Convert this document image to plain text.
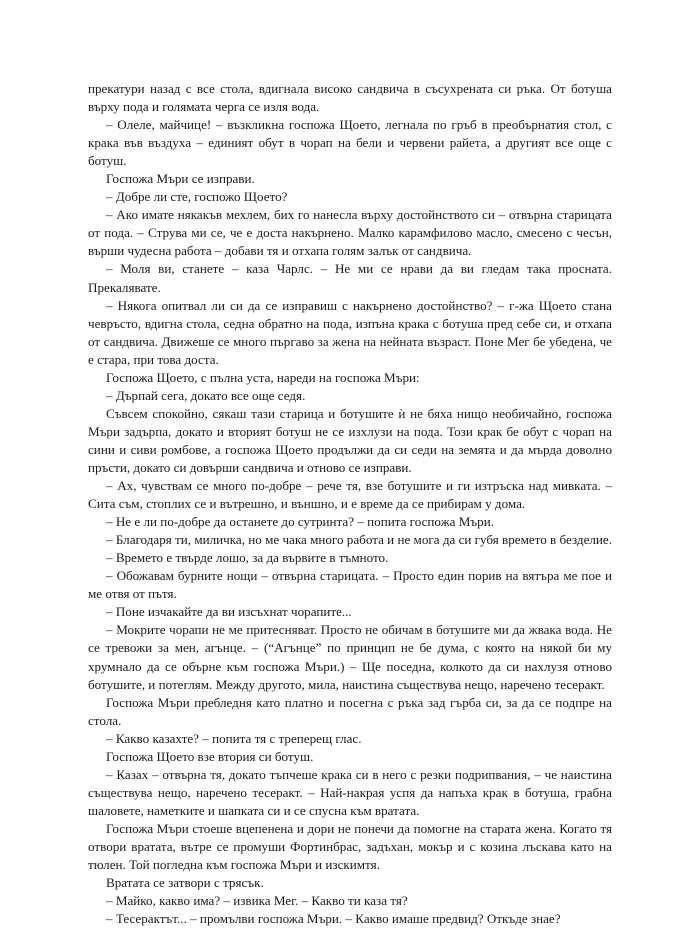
прекатури назад с все стола, вдигнала високо сандвича в съсухрената си ръка. От ботуша върху пода и голямата черга се изля вода.

– Олеле, майчице! – възкликна госпожа Щоето, легнала по гръб в преобърнатия стол, с крака във въздуха – единият обут в чорап на бели и червени райета, а другият все още с ботуш.

Госпожа Мъри се изправи.

– Добре ли сте, госпожо Щоето?

– Ако имате някакъв мехлем, бих го нанесла върху достойнството си – отвърна старицата от пода. – Струва ми се, че е доста накърнено. Малко карамфилово масло, смесено с чесън, върши чудесна работа – добави тя и отхапа голям залък от сандвича.

– Моля ви, станете – каза Чарлс. – Не ми се нрави да ви гледам така просната. Прекалявате.

– Някога опитвал ли си да се изправиш с накърнено достойнство? – г-жа Щоето стана чевръсто, вдигна стола, седна обратно на пода, изпъна крака с ботуша пред себе си, и отхапа от сандвича. Движеше се много пъргаво за жена на нейната възраст. Поне Мег бе убедена, че е стара, при това доста.

Госпожа Щоето, с пълна уста, нареди на госпожа Мъри:

– Дърпай сега, докато все още седя.

Съвсем спокойно, сякаш тази старица и ботушите ѝ не бяха нищо необичайно, госпожа Мъри задърпа, докато и вторият ботуш не се изхлузи на пода. Този крак бе обут с чорап на сини и сиви ромбове, а госпожа Щоето продължи да си седи на земята и да мърда доволно пръсти, докато си довърши сандвича и отново се изправи.

– Ах, чувствам се много по-добре – рече тя, взе ботушите и ги изтръска над мивката. – Сита съм, стоплих се и вътрешно, и външно, и е време да се прибирам у дома.

– Не е ли по-добре да останете до сутринта? – попита госпожа Мъри.

– Благодаря ти, миличка, но ме чака много работа и не мога да си губя времето в безделие.

– Времето е твърде лошо, за да вървите в тъмното.

– Обожавам бурните нощи – отвърна старицата. – Просто един порив на вятъра ме пое и ме отвя от пътя.

– Поне изчакайте да ви изсъхнат чорапите...

– Мокрите чорапи не ме притесняват. Просто не обичам в ботушите ми да жвака вода. Не се тревожи за мен, агънце. – (“Агънце” по принцип не бе дума, с която на някой би му хрумнало да се обърне към госпожа Мъри.) – Ще поседна, колкото да си нахлузя отново ботушите, и потеглям. Между другото, мила, наистина съществува нещо, наречено тесеракт.

Госпожа Мъри пребледня като платно и посегна с ръка зад гърба си, за да се подпре на стола.

– Какво казахте? – попита тя с треперещ глас.

Госпожа Щоето взе втория си ботуш.

– Казах – отвърна тя, докато тъпчеше крака си в него с резки подрипвания, – че наистина съществува нещо, наречено тесеракт. – Най-накрая успя да напъха крак в ботуша, грабна шаловете, наметките и шапката си и се спусна към вратата.

Госпожа Мъри стоеше вцепенена и дори не понечи да помогне на старата жена. Когато тя отвори вратата, вътре се промуши Фортинбрас, задъхан, мокър и с козина лъскава като на тюлен. Той погледна към госпожа Мъри и изскимтя.

Вратата се затвори с трясък.

– Майко, какво има? – извика Мег. – Какво ти каза тя?

– Тесерактът... – промълви госпожа Мъри. – Какво имаше предвид? Откъде знае?
